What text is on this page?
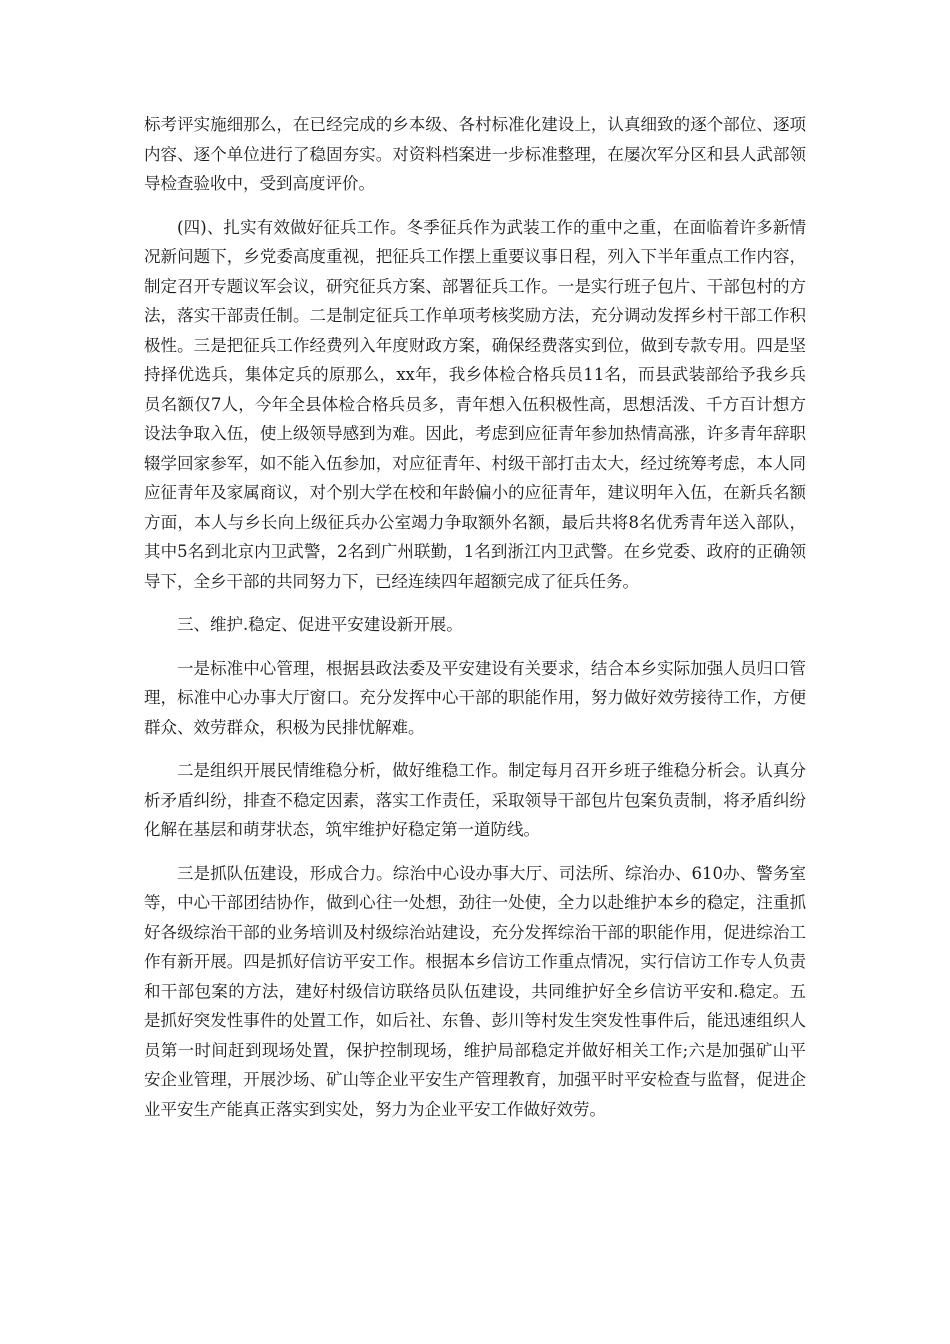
标考评实施细那么，在已经完成的乡本级、各村标准化建设上，认真细致的逐个部位、逐项内容、逐个单位进行了稳固夯实。对资料档案进一步标准整理，在屡次军分区和县人武部领导检查验收中，受到高度评价。

(四)、扎实有效做好征兵工作。冬季征兵作为武装工作的重中之重，在面临着许多新情况新问题下，乡党委高度重视，把征兵工作摆上重要议事日程，列入下半年重点工作内容，制定召开专题议军会议，研究征兵方案、部署征兵工作。一是实行班子包片、干部包村的方法，落实干部责任制。二是制定征兵工作单项考核奖励方法，充分调动发挥乡村干部工作积极性。三是把征兵工作经费列入年度财政方案，确保经费落实到位，做到专款专用。四是坚持择优选兵，集体定兵的原那么，xx年，我乡体检合格兵员11名，而县武装部给予我乡兵员名额仅7人，今年全县体检合格兵员多，青年想入伍积极性高，思想活泼、千方百计想方设法争取入伍，使上级领导感到为难。因此，考虑到应征青年参加热情高涨，许多青年辞职辍学回家参军，如不能入伍参加，对应征青年、村级干部打击太大，经过统筹考虑，本人同应征青年及家属商议，对个别大学在校和年龄偏小的应征青年，建议明年入伍，在新兵名额方面，本人与乡长向上级征兵办公室竭力争取额外名额，最后共将8名优秀青年送入部队，其中5名到北京内卫武警，2名到广州联勤，1名到浙江内卫武警。在乡党委、政府的正确领导下，全乡干部的共同努力下，已经连续四年超额完成了征兵任务。

三、维护.稳定、促进平安建设新开展。

一是标准中心管理，根据县政法委及平安建设有关要求，结合本乡实际加强人员归口管理，标准中心办事大厅窗口。充分发挥中心干部的职能作用，努力做好效劳接待工作，方便群众、效劳群众，积极为民排忧解难。

二是组织开展民情维稳分析，做好维稳工作。制定每月召开乡班子维稳分析会。认真分析矛盾纠纷，排查不稳定因素，落实工作责任，采取领导干部包片包案负责制，将矛盾纠纷化解在基层和萌芽状态，筑牢维护好稳定第一道防线。

三是抓队伍建设，形成合力。综治中心设办事大厅、司法所、综治办、610办、警务室等，中心干部团结协作，做到心往一处想，劲往一处使，全力以赴维护本乡的稳定，注重抓好各级综治干部的业务培训及村级综治站建设，充分发挥综治干部的职能作用，促进综治工作有新开展。四是抓好信访平安工作。根据本乡信访工作重点情况，实行信访工作专人负责和干部包案的方法，建好村级信访联络员队伍建设，共同维护好全乡信访平安和.稳定。五是抓好突发性事件的处置工作，如后社、东鲁、彭川等村发生突发性事件后，能迅速组织人员第一时间赶到现场处置，保护控制现场，维护局部稳定并做好相关工作;六是加强矿山平安企业管理，开展沙场、矿山等企业平安生产管理教育，加强平时平安检查与监督，促进企业平安生产能真正落实到实处，努力为企业平安工作做好效劳。
